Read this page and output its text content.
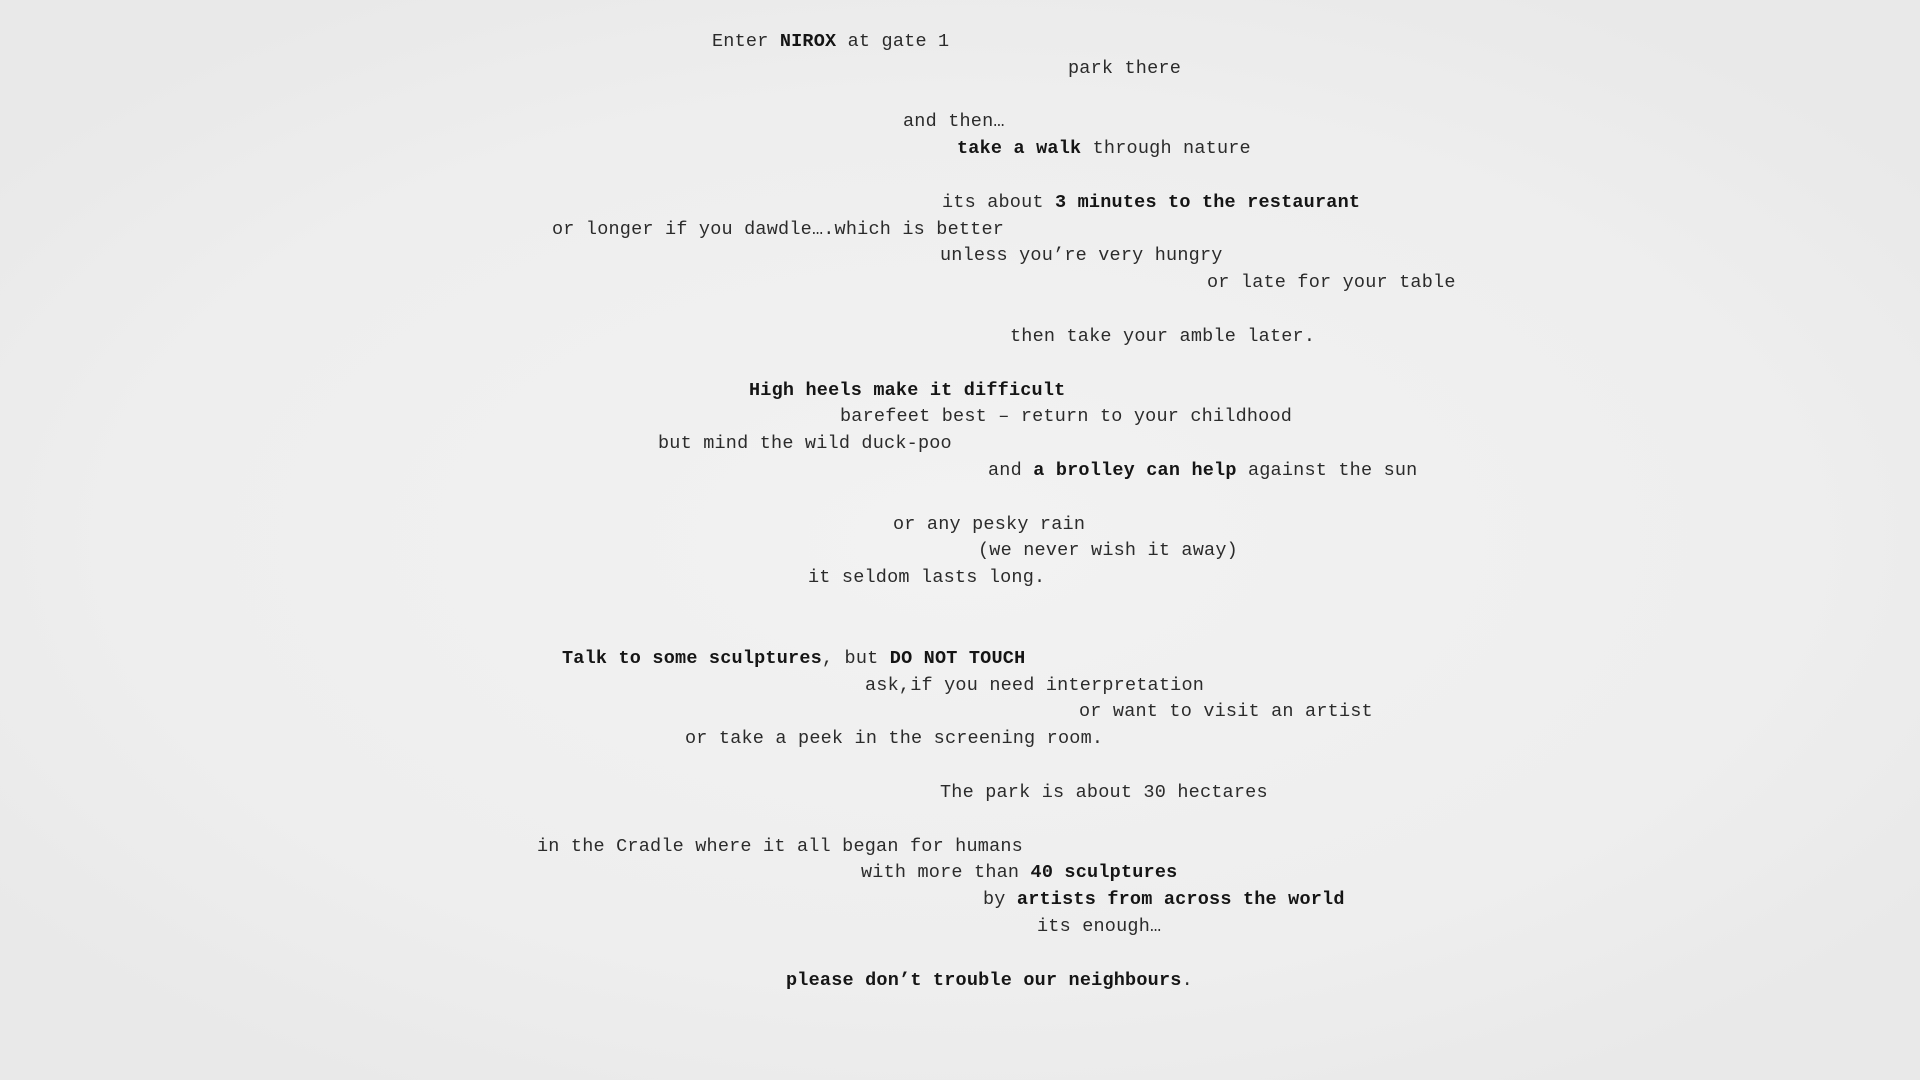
Enter NIROX at gate 1
park there
and then…
take a walk through nature
its about 3 minutes to the restaurant
or longer if you dawdle….which is better
unless you’re very hungry
or late for your table
then take your amble later.
High heels make it difficult
barefeet best – return to your childhood
but mind the wild duck-poo
and a brolley can help against the sun
or any pesky rain
(we never wish it away)
it seldom lasts long.
Talk to some sculptures, but DO NOT TOUCH
ask,if you need interpretation
or want to visit an artist
or take a peek in the screening room.
The park is about 30 hectares
in the Cradle where it all began for humans
with more than 40 sculptures
by artists from across the world
its enough…
please don’t trouble our neighbours.
